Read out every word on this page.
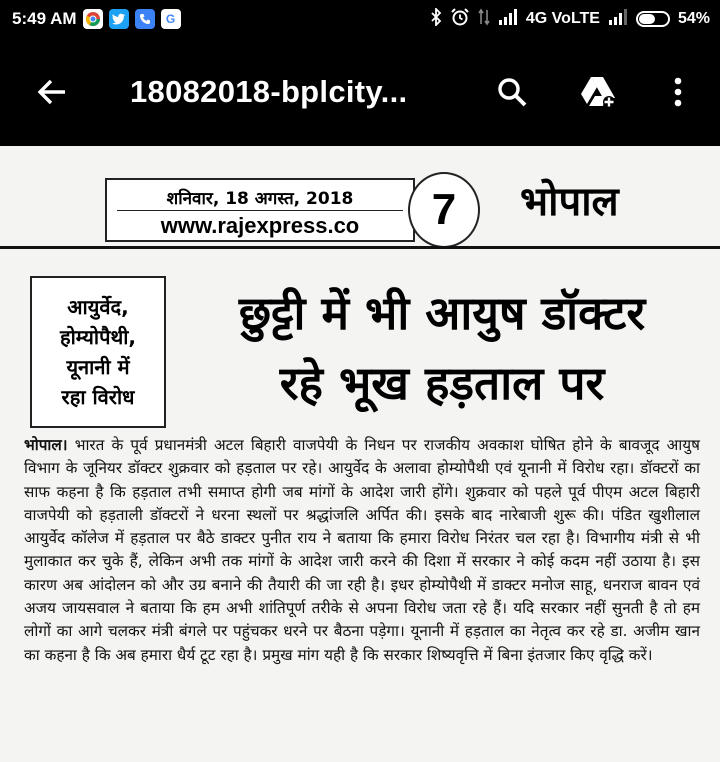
5:49 AM	G	4G VoLTE	54%
18082018-bplcity...
शनिवार, 18 अगस्त, 2018
www.rajexpress.co	7	भोपाल
आयुर्वेद,
होम्योपैथी,
यूनानी में
रहा विरोध
छुट्टी में भी आयुष डॉक्टर
रहे भूख हड़ताल पर
भोपाल। भारत के पूर्व प्रधानमंत्री अटल बिहारी वाजपेयी के निधन पर राजकीय अवकाश घोषित होने के बावजूद आयुष विभाग के जूनियर डॉक्टर शुक्रवार को हड़ताल पर रहे। आयुर्वेद के अलावा होम्योपैथी एवं यूनानी में विरोध रहा। डॉक्टरों का साफ कहना है कि हड़ताल तभी समाप्त होगी जब मांगों के आदेश जारी होंगे। शुक्रवार को पहले पूर्व पीएम अटल बिहारी वाजपेयी को हड़ताली डॉक्टरों ने धरना स्थलों पर श्रद्धांजलि अर्पित की। इसके बाद नारेबाजी शुरू की। पंडित खुशीलाल आयुर्वेद कॉलेज में हड़ताल पर बैठे डाक्टर पुनीत राय ने बताया कि हमारा विरोध निरंतर चल रहा है। विभागीय मंत्री से भी मुलाकात कर चुके हैं, लेकिन अभी तक मांगों के आदेश जारी करने की दिशा में सरकार ने कोई कदम नहीं उठाया है। इस कारण अब आंदोलन को और उग्र बनाने की तैयारी की जा रही है। इधर होम्योपैथी में डाक्टर मनोज साहू, धनराज बावन एवं अजय जायसवाल ने बताया कि हम अभी शांतिपूर्ण तरीके से अपना विरोध जता रहे हैं। यदि सरकार नहीं सुनती है तो हम लोगों का आगे चलकर मंत्री बंगले पर पहुंचकर धरने पर बैठना पड़ेगा। यूनानी में हड़ताल का नेतृत्व कर रहे डा. अजीम खान का कहना है कि अब हमारा धैर्य टूट रहा है। प्रमुख मांग यही है कि सरकार शिष्यवृत्ति में बिना इंतजार किए वृद्धि करें।
